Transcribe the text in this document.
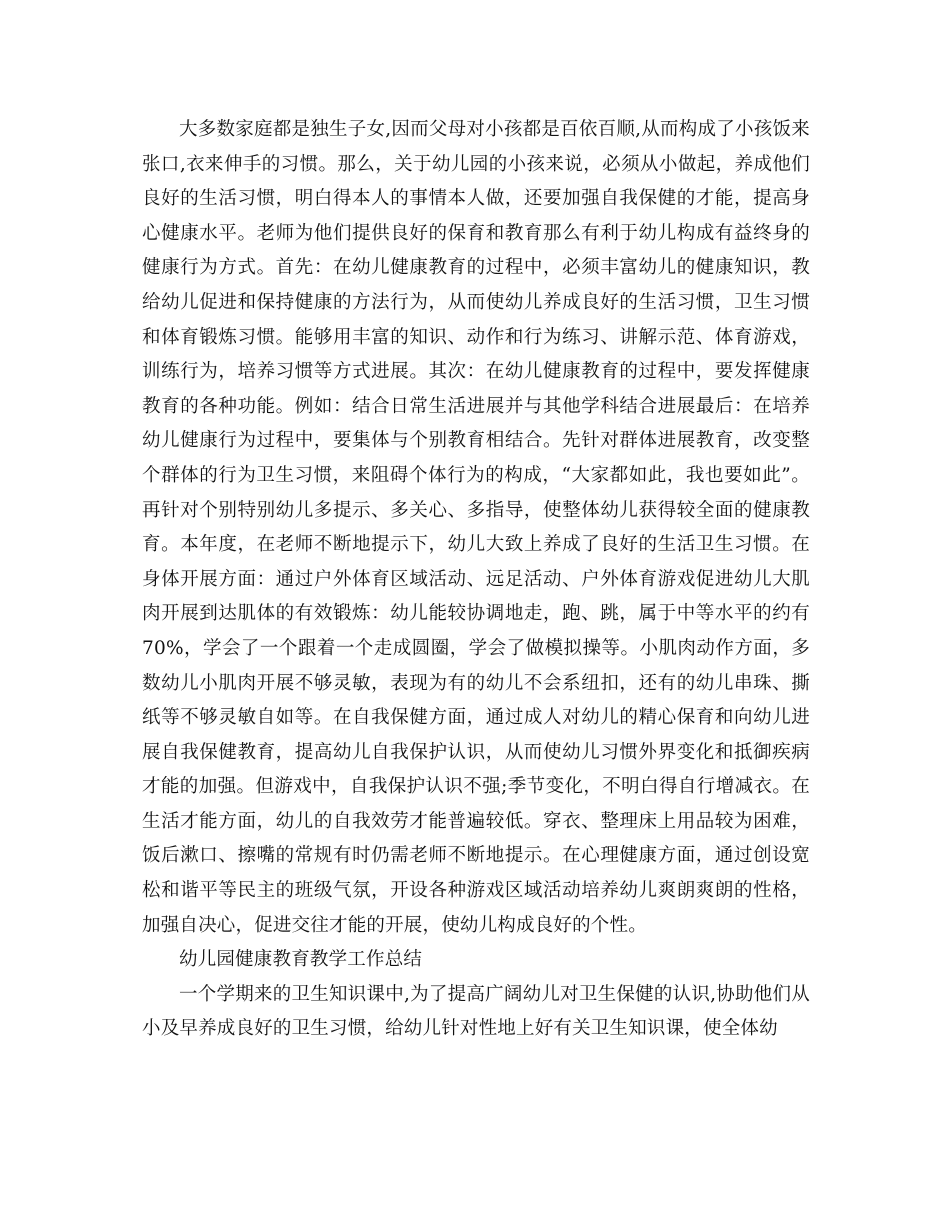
大多数家庭都是独生子女,因而父母对小孩都是百依百顺,从而构成了小孩饭来张口,衣来伸手的习惯。那么，关于幼儿园的小孩来说，必须从小做起，养成他们良好的生活习惯，明白得本人的事情本人做，还要加强自我保健的才能，提高身心健康水平。老师为他们提供良好的保育和教育那么有利于幼儿构成有益终身的健康行为方式。首先：在幼儿健康教育的过程中，必须丰富幼儿的健康知识，教给幼儿促进和保持健康的方法行为，从而使幼儿养成良好的生活习惯，卫生习惯和体育锻炼习惯。能够用丰富的知识、动作和行为练习、讲解示范、体育游戏，训练行为，培养习惯等方式进展。其次：在幼儿健康教育的过程中，要发挥健康教育的各种功能。例如：结合日常生活进展并与其他学科结合进展最后：在培养幼儿健康行为过程中，要集体与个别教育相结合。先针对群体进展教育，改变整个群体的行为卫生习惯，来阻碍个体行为的构成，“大家都如此，我也要如此”。再针对个别特别幼儿多提示、多关心、多指导，使整体幼儿获得较全面的健康教育。本年度，在老师不断地提示下，幼儿大致上养成了良好的生活卫生习惯。在身体开展方面：通过户外体育区域活动、远足活动、户外体育游戏促进幼儿大肌肉开展到达肌体的有效锻炼：幼儿能较协调地走，跑、跳，属于中等水平的约有70%，学会了一个跟着一个走成圆圈，学会了做模拟操等。小肌肉动作方面，多数幼儿小肌肉开展不够灵敏，表现为有的幼儿不会系纽扣，还有的幼儿串珠、撕纸等不够灵敏自如等。在自我保健方面，通过成人对幼儿的精心保育和向幼儿进展自我保健教育，提高幼儿自我保护认识，从而使幼儿习惯外界变化和抵御疾病才能的加强。但游戏中，自我保护认识不强;季节变化，不明白得自行增减衣。在生活才能方面，幼儿的自我效劳才能普遍较低。穿衣、整理床上用品较为困难，饭后漱口、擦嘴的常规有时仍需老师不断地提示。在心理健康方面，通过创设宽松和谐平等民主的班级气氛，开设各种游戏区域活动培养幼儿爽朗爽朗的性格，加强自决心，促进交往才能的开展，使幼儿构成良好的个性。

幼儿园健康教育教学工作总结

一个学期来的卫生知识课中,为了提高广阔幼儿对卫生保健的认识,协助他们从小及早养成良好的卫生习惯，给幼儿针对性地上好有关卫生知识课，使全体幼
